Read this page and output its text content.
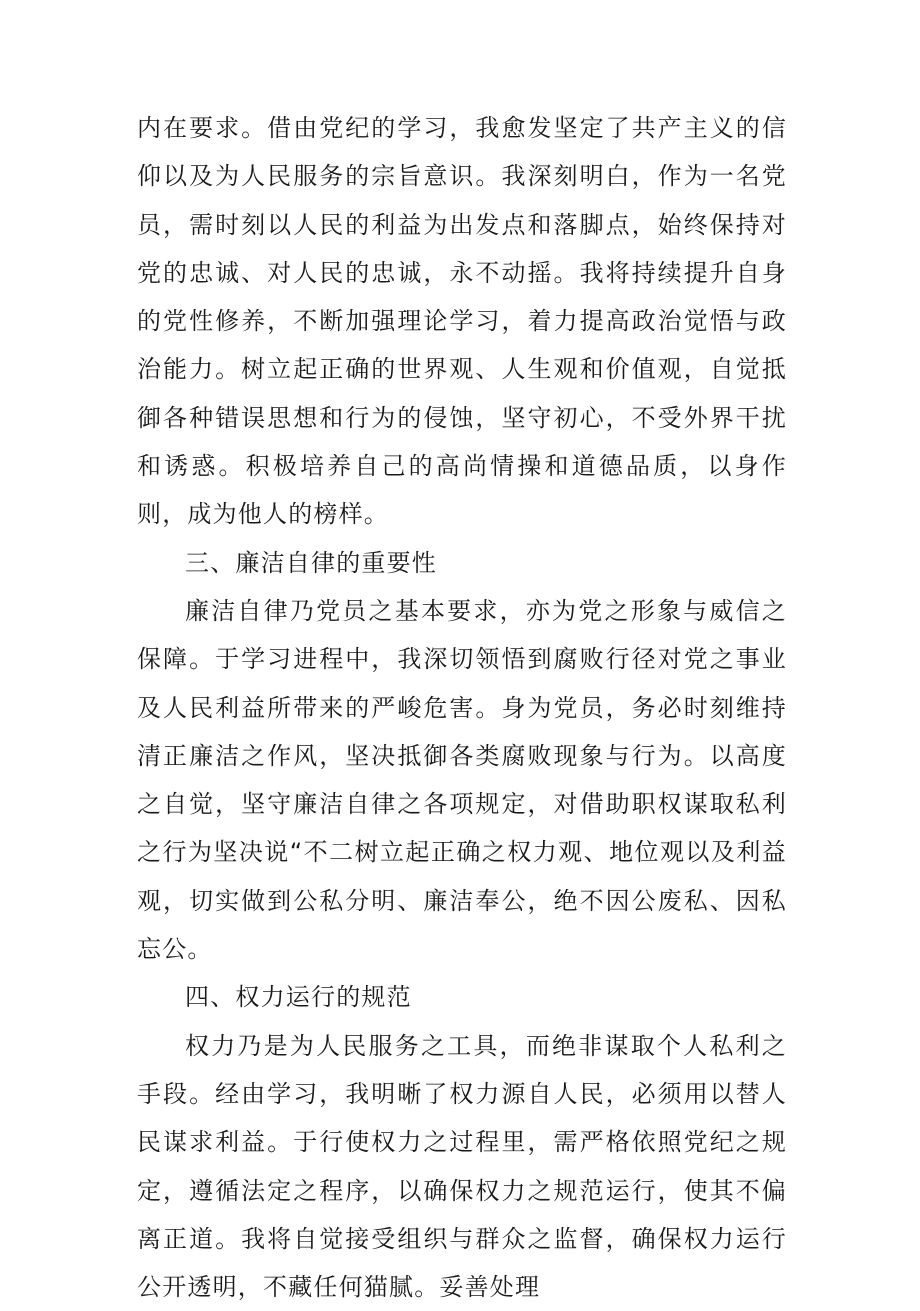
内在要求。借由党纪的学习，我愈发坚定了共产主义的信仰以及为人民服务的宗旨意识。我深刻明白，作为一名党员，需时刻以人民的利益为出发点和落脚点，始终保持对党的忠诚、对人民的忠诚，永不动摇。我将持续提升自身的党性修养，不断加强理论学习，着力提高政治觉悟与政治能力。树立起正确的世界观、人生观和价值观，自觉抵御各种错误思想和行为的侵蚀，坚守初心，不受外界干扰和诱惑。积极培养自己的高尚情操和道德品质，以身作则，成为他人的榜样。

三、廉洁自律的重要性

廉洁自律乃党员之基本要求，亦为党之形象与威信之保障。于学习进程中，我深切领悟到腐败行径对党之事业及人民利益所带来的严峻危害。身为党员，务必时刻维持清正廉洁之作风，坚决抵御各类腐败现象与行为。以高度之自觉，坚守廉洁自律之各项规定，对借助职权谋取私利之行为坚决说“不二树立起正确之权力观、地位观以及利益观，切实做到公私分明、廉洁奉公，绝不因公废私、因私忘公。

四、权力运行的规范

权力乃是为人民服务之工具，而绝非谋取个人私利之手段。经由学习，我明晰了权力源自人民，必须用以替人民谋求利益。于行使权力之过程里，需严格依照党纪之规定，遵循法定之程序，以确保权力之规范运行，使其不偏离正道。我将自觉接受组织与群众之监督，确保权力运行公开透明，不藏任何猫腻。妥善处理
